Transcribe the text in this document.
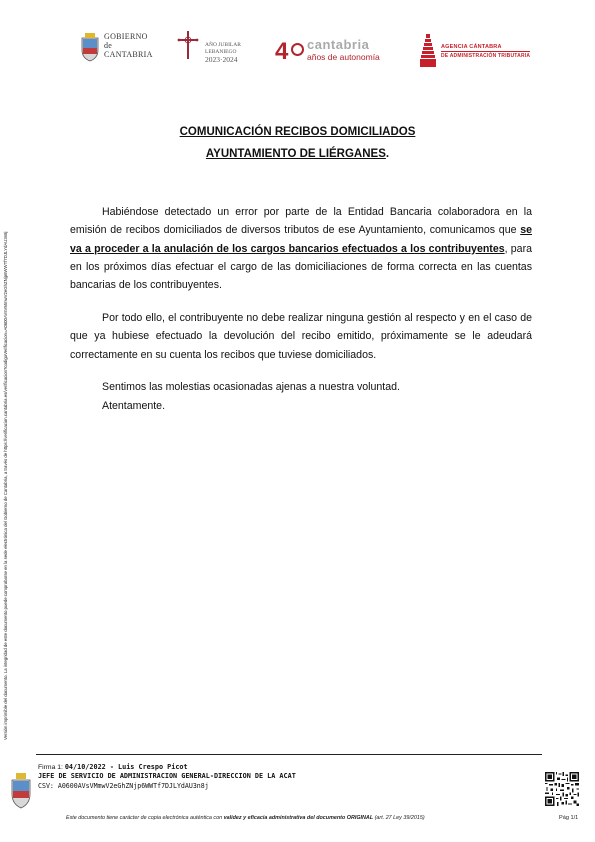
Versión imprimible del documento. La integridad de este documento puede comprobarse en la sede electrónica del Gobierno de Cantabria, a través de https://verificacion.cantabria.es/verificacion?codigoVerificacion=A0600AVsVMmwV2eGhZNjp6WWTf7DJLYdAU3n8j
GOBIERNO
de
CANTABRIA
AÑO JUBILAR
LEBANIEGO
2023·2024 4 cantabria
años de autonomía
AGENCIA CÁNTABRA
DE ADMINISTRACIÓN TRIBUTARIA
COMUNICACIÓN RECIBOS DOMICILIADOS
AYUNTAMIENTO DE LIÉRGANES.

Habiéndose detectado un error por parte de la Entidad Bancaria colaboradora en la emisión de recibos domiciliados de diversos tributos de ese Ayuntamiento, comunicamos que se va a proceder a la anulación de los cargos bancarios efectuados a los contribuyentes, para en los próximos días efectuar el cargo de las domiciliaciones de forma correcta en las cuentas bancarias de los contribuyentes.

Por todo ello, el contribuyente no debe realizar ninguna gestión al respecto y en el caso de que ya hubiese efectuado la devolución del recibo emitido, próximamente se le adeudará correctamente en su cuenta los recibos que tuviese domiciliados.

Sentimos las molestias ocasionadas ajenas a nuestra voluntad.
Atentamente.
Firma 1: 04/10/2022 - Luis Crespo Picot
JEFE DE SERVICIO DE ADMINISTRACION GENERAL-DIRECCION DE LA ACAT
CSV: A0600AVsVMmwV2eGhZNjp6WWTf7DJLYdAU3n8j
Este documento tiene carácter de copia electrónica auténtica con validez y eficacia administrativa del documento ORIGINAL (art. 27 Ley 39/2015)	Pág 1/1
